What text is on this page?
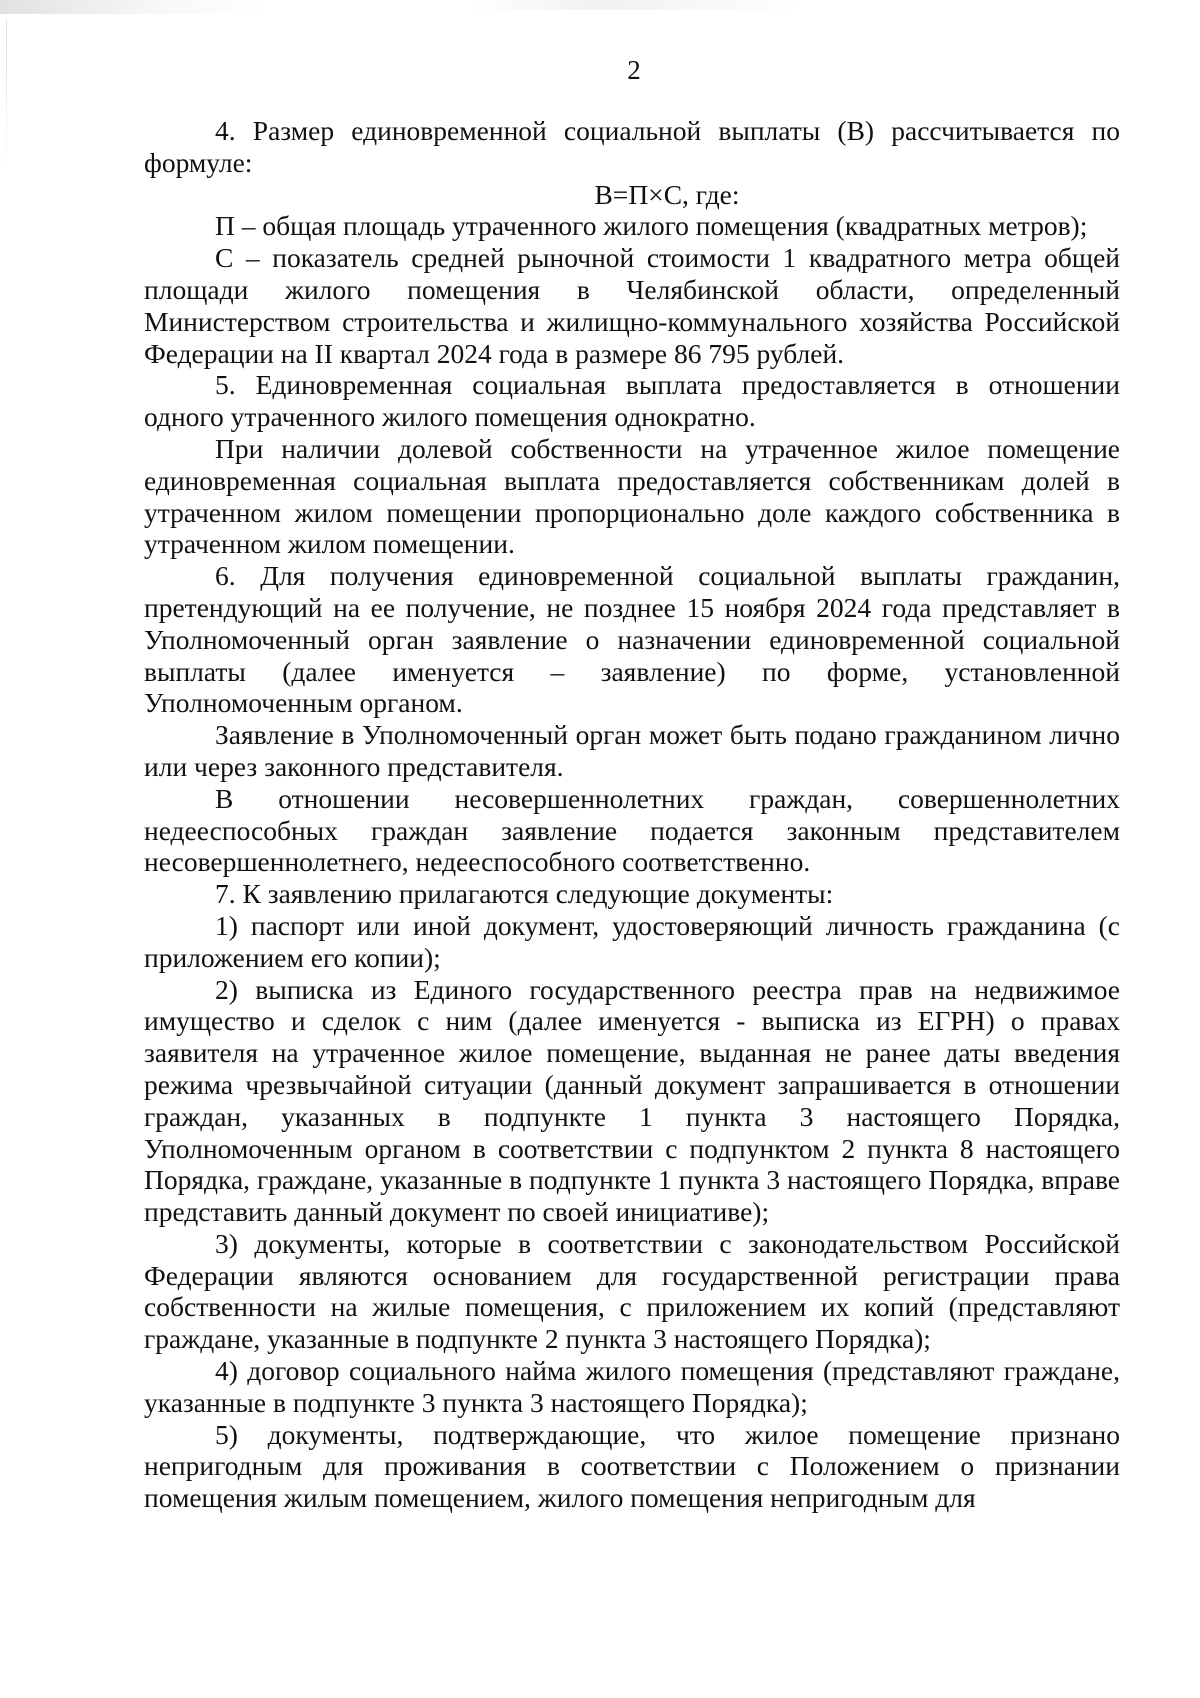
2

4. Размер единовременной социальной выплаты (В) рассчитывается по формуле:

В=П×С, где:

П – общая площадь утраченного жилого помещения (квадратных метров);

С – показатель средней рыночной стоимости 1 квадратного метра общей площади жилого помещения в Челябинской области, определенный Министерством строительства и жилищно-коммунального хозяйства Российской Федерации на II квартал 2024 года в размере 86 795 рублей.

5. Единовременная социальная выплата предоставляется в отношении одного утраченного жилого помещения однократно.

При наличии долевой собственности на утраченное жилое помещение единовременная социальная выплата предоставляется собственникам долей в утраченном жилом помещении пропорционально доле каждого собственника в утраченном жилом помещении.

6. Для получения единовременной социальной выплаты гражданин, претендующий на ее получение, не позднее 15 ноября 2024 года представляет в Уполномоченный орган заявление о назначении единовременной социальной выплаты (далее именуется – заявление) по форме, установленной Уполномоченным органом.

Заявление в Уполномоченный орган может быть подано гражданином лично или через законного представителя.

В отношении несовершеннолетних граждан, совершеннолетних недееспособных граждан заявление подается законным представителем несовершеннолетнего, недееспособного соответственно.

7. К заявлению прилагаются следующие документы:

1) паспорт или иной документ, удостоверяющий личность гражданина (с приложением его копии);

2) выписка из Единого государственного реестра прав на недвижимое имущество и сделок с ним (далее именуется - выписка из ЕГРН) о правах заявителя на утраченное жилое помещение, выданная не ранее даты введения режима чрезвычайной ситуации (данный документ запрашивается в отношении граждан, указанных в подпункте 1 пункта 3 настоящего Порядка, Уполномоченным органом в соответствии с подпунктом 2 пункта 8 настоящего Порядка, граждане, указанные в подпункте 1 пункта 3 настоящего Порядка, вправе представить данный документ по своей инициативе);

3) документы, которые в соответствии с законодательством Российской Федерации являются основанием для государственной регистрации права собственности на жилые помещения, с приложением их копий (представляют граждане, указанные в подпункте 2 пункта 3 настоящего Порядка);

4) договор социального найма жилого помещения (представляют граждане, указанные в подпункте 3 пункта 3 настоящего Порядка);

5) документы, подтверждающие, что жилое помещение признано непригодным для проживания в соответствии с Положением о признании помещения жилым помещением, жилого помещения непригодным для
